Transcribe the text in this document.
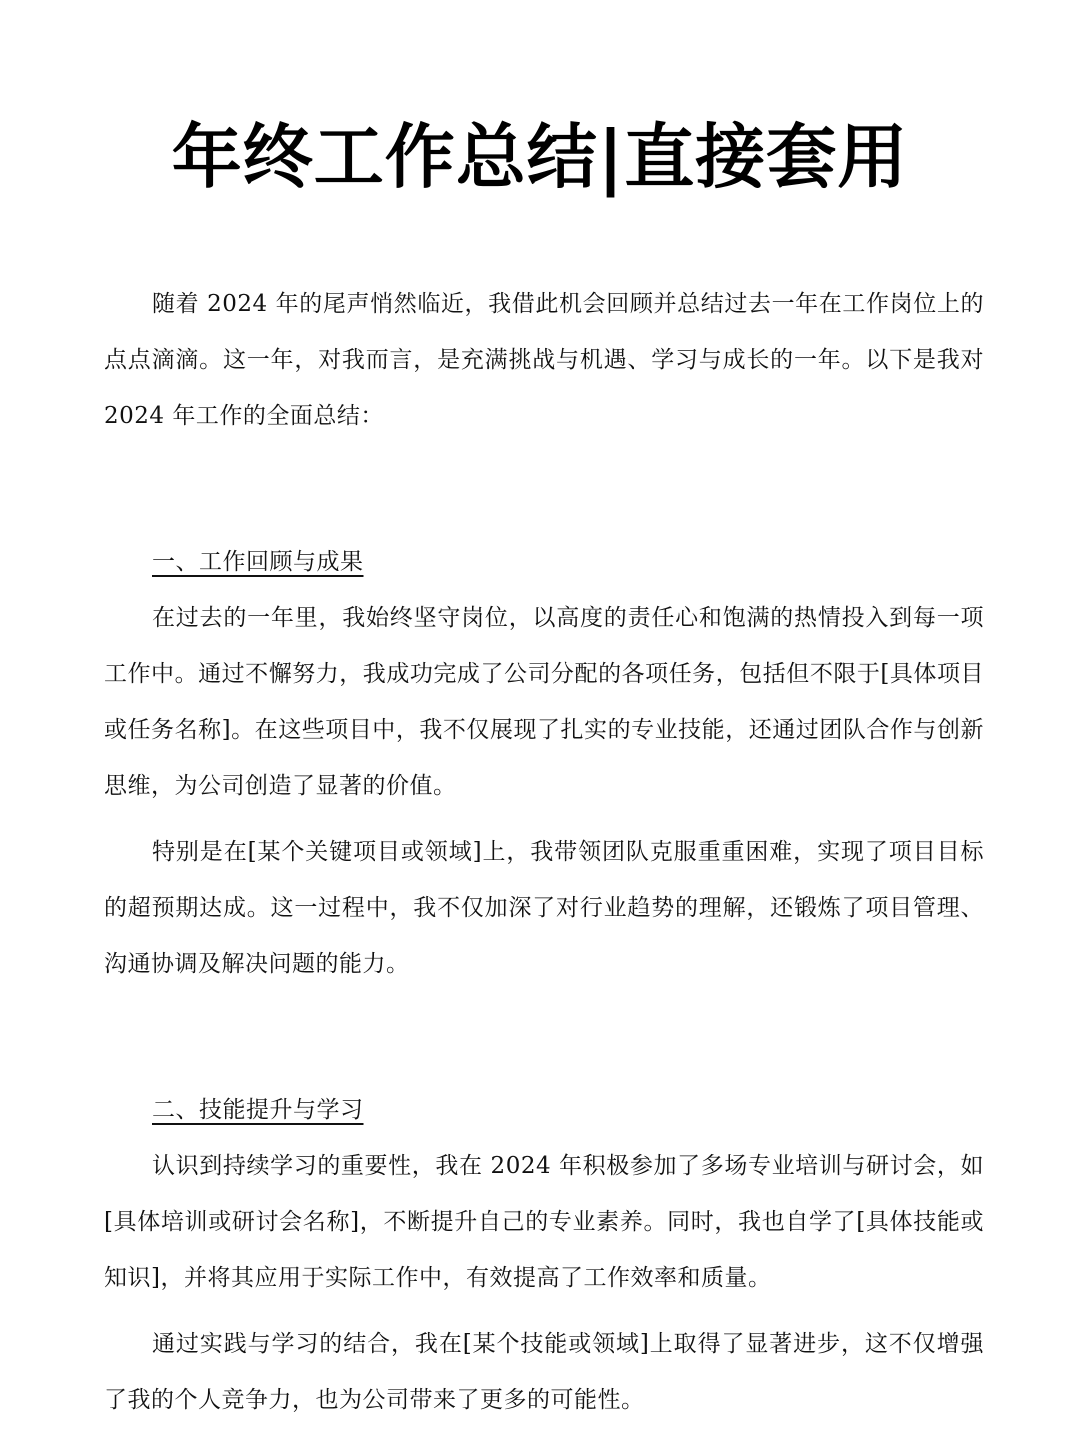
年终工作总结|直接套用

随着 2024 年的尾声悄然临近，我借此机会回顾并总结过去一年在工作岗位上的点点滴滴。这一年，对我而言，是充满挑战与机遇、学习与成长的一年。以下是我对 2024 年工作的全面总结：

一、工作回顾与成果

在过去的一年里，我始终坚守岗位，以高度的责任心和饱满的热情投入到每一项工作中。通过不懈努力，我成功完成了公司分配的各项任务，包括但不限于[具体项目或任务名称]。在这些项目中，我不仅展现了扎实的专业技能，还通过团队合作与创新思维，为公司创造了显著的价值。

特别是在[某个关键项目或领域]上，我带领团队克服重重困难，实现了项目目标的超预期达成。这一过程中，我不仅加深了对行业趋势的理解，还锻炼了项目管理、沟通协调及解决问题的能力。

二、技能提升与学习

认识到持续学习的重要性，我在 2024 年积极参加了多场专业培训与研讨会，如[具体培训或研讨会名称]，不断提升自己的专业素养。同时，我也自学了[具体技能或知识]，并将其应用于实际工作中，有效提高了工作效率和质量。

通过实践与学习的结合，我在[某个技能或领域]上取得了显著进步，这不仅增强了我的个人竞争力，也为公司带来了更多的可能性。
